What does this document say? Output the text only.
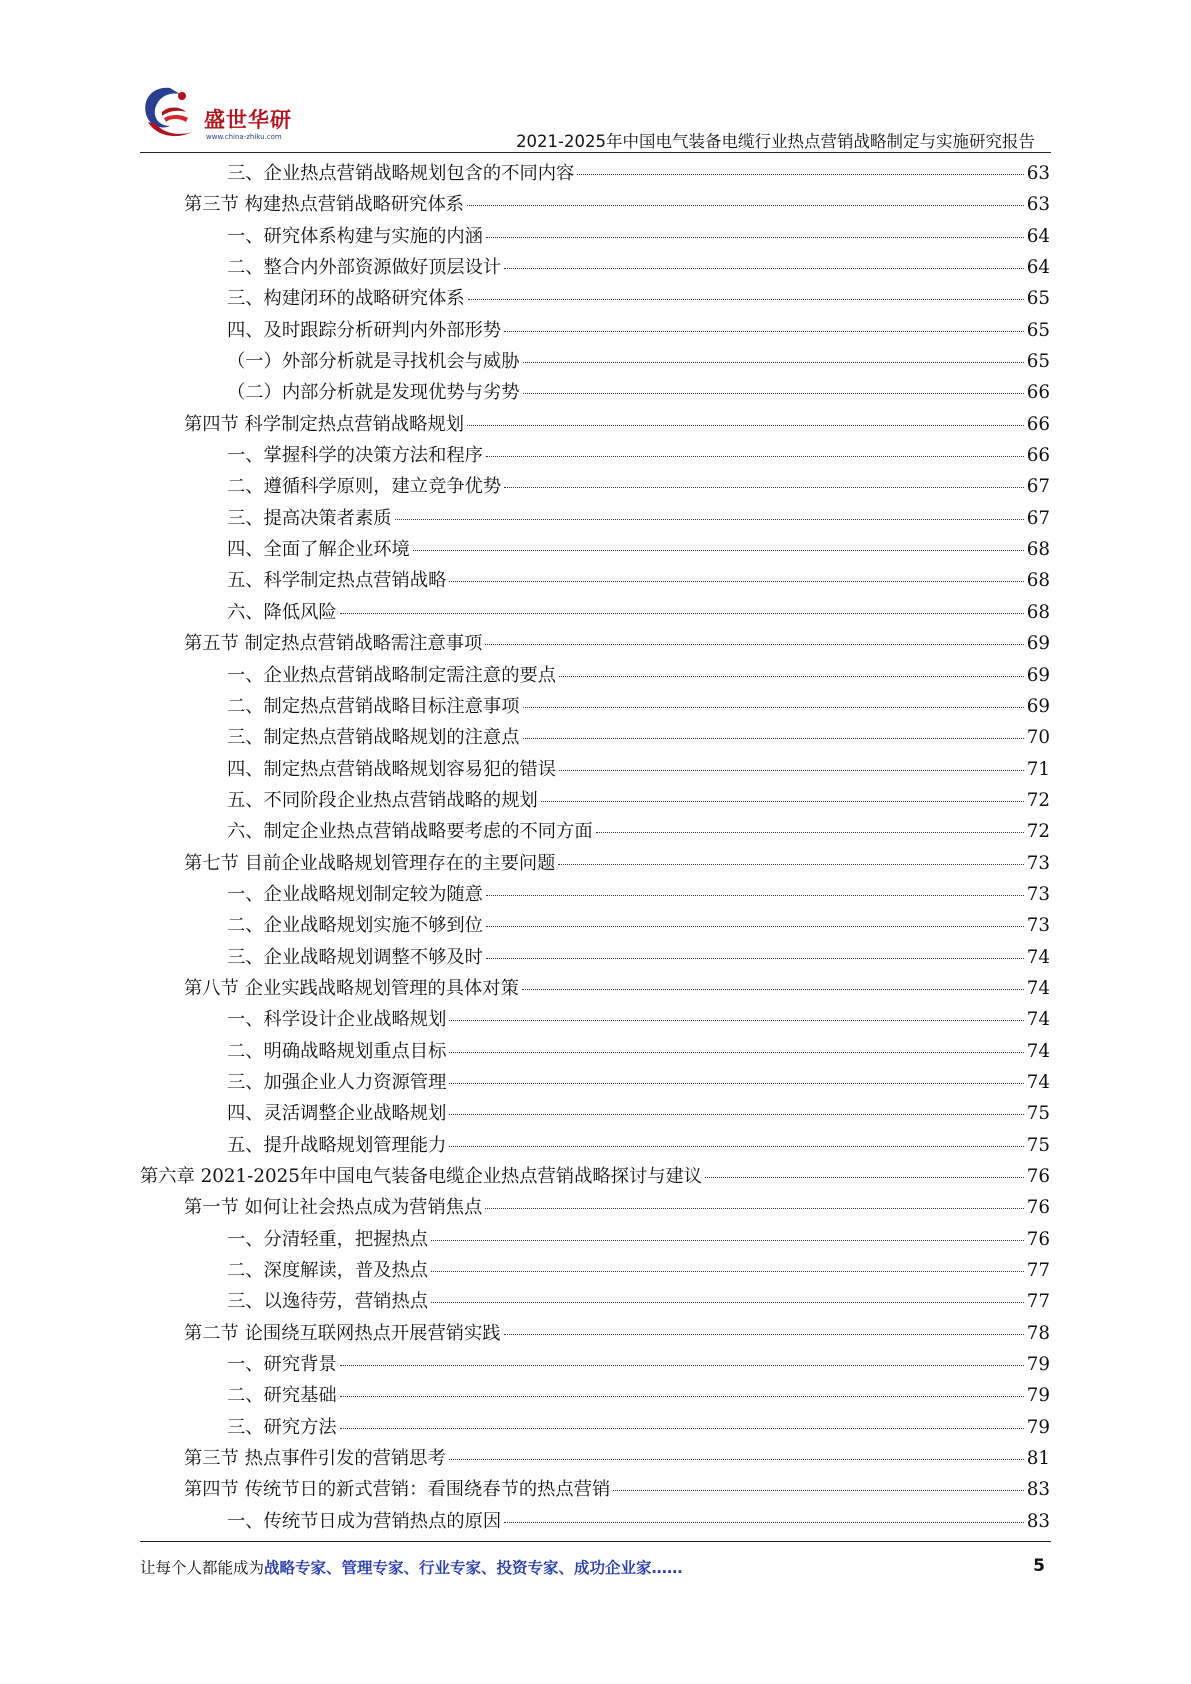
盛世华研
www.china-zhiku.com	2021-2025年中国电气装备电缆行业热点营销战略制定与实施研究报告
三、企业热点营销战略规划包含的不同内容	63
第三节 构建热点营销战略研究体系	63
一、研究体系构建与实施的内涵	64
二、整合内外部资源做好顶层设计	64
三、构建闭环的战略研究体系	65
四、及时跟踪分析研判内外部形势	65
（一）外部分析就是寻找机会与威胁	65
（二）内部分析就是发现优势与劣势	66
第四节 科学制定热点营销战略规划	66
一、掌握科学的决策方法和程序	66
二、遵循科学原则，建立竞争优势	67
三、提高决策者素质	67
四、全面了解企业环境	68
五、科学制定热点营销战略	68
六、降低风险	68
第五节 制定热点营销战略需注意事项	69
一、企业热点营销战略制定需注意的要点	69
二、制定热点营销战略目标注意事项	69
三、制定热点营销战略规划的注意点	70
四、制定热点营销战略规划容易犯的错误	71
五、不同阶段企业热点营销战略的规划	72
六、制定企业热点营销战略要考虑的不同方面	72
第七节 目前企业战略规划管理存在的主要问题	73
一、企业战略规划制定较为随意	73
二、企业战略规划实施不够到位	73
三、企业战略规划调整不够及时	74
第八节 企业实践战略规划管理的具体对策	74
一、科学设计企业战略规划	74
二、明确战略规划重点目标	74
三、加强企业人力资源管理	74
四、灵活调整企业战略规划	75
五、提升战略规划管理能力	75
第六章 2021-2025年中国电气装备电缆企业热点营销战略探讨与建议	76
第一节 如何让社会热点成为营销焦点	76
一、分清轻重，把握热点	76
二、深度解读，普及热点	77
三、以逸待劳，营销热点	77
第二节 论围绕互联网热点开展营销实践	78
一、研究背景	79
二、研究基础	79
三、研究方法	79
第三节 热点事件引发的营销思考	81
第四节 传统节日的新式营销：看围绕春节的热点营销	83
一、传统节日成为营销热点的原因	83
让每个人都能成为战略专家、管理专家、行业专家、投资专家、成功企业家……	5
